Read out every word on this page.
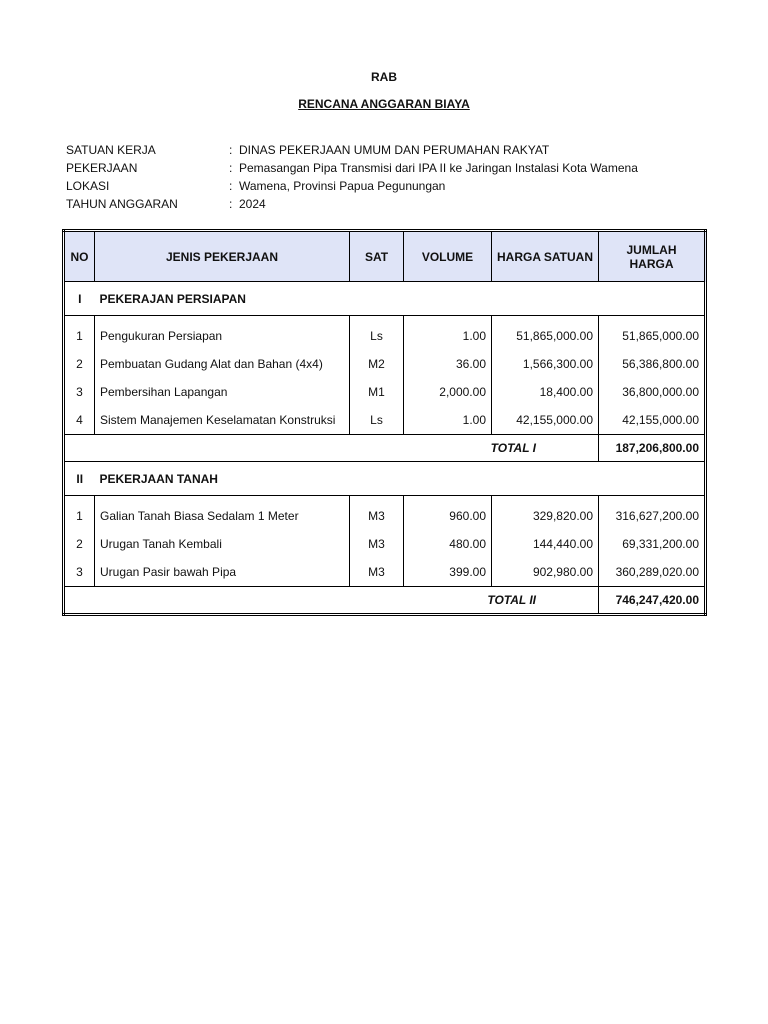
RAB
RENCANA ANGGARAN BIAYA
SATUAN KERJA	: DINAS PEKERJAAN UMUM DAN PERUMAHAN RAKYAT
PEKERJAAN	: Pemasangan Pipa Transmisi dari IPA II ke Jaringan Instalasi Kota Wamena
LOKASI	: Wamena, Provinsi Papua Pegunungan
TAHUN ANGGARAN	: 2024
NO	JENIS PEKERJAAN	SAT	VOLUME	HARGA SATUAN	JUMLAH HARGA
I	PEKERAJAN PERSIAPAN				

1	Pengukuran Persiapan	Ls	1.00	51,865,000.00	51,865,000.00
2	Pembuatan Gudang Alat dan Bahan (4x4)	M2	36.00	1,566,300.00	56,386,800.00
3	Pembersihan Lapangan	M1	2,000.00	18,400.00	36,800,000.00
4	Sistem Manajemen Keselamatan Konstruksi	Ls	1.00	42,155,000.00	42,155,000.00
TOTAL I					187,206,800.00
II	PEKERJAAN TANAH				

1	Galian Tanah Biasa Sedalam 1 Meter	M3	960.00	329,820.00	316,627,200.00
2	Urugan Tanah Kembali	M3	480.00	144,440.00	69,331,200.00
3	Urugan Pasir bawah Pipa	M3	399.00	902,980.00	360,289,020.00
TOTAL II					746,247,420.00
